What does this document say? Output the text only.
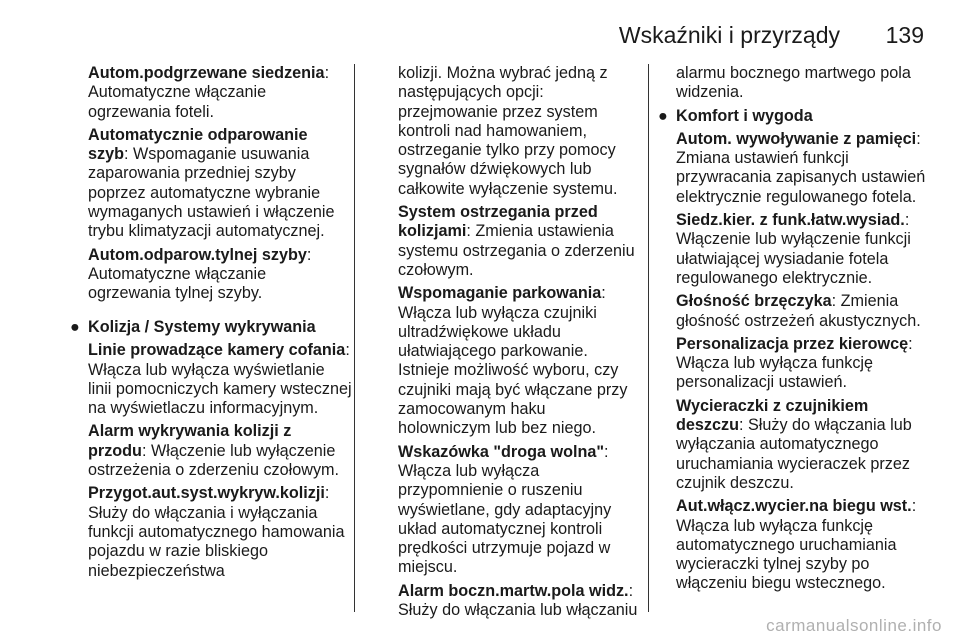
Wskaźniki i przyrządy 139

Autom.podgrzewane siedzenia: Automatyczne włączanie ogrzewania foteli.

Automatycznie odparowanie szyb: Wspomaganie usuwania zaparowania przedniej szyby poprzez automatyczne wybranie wymaganych ustawień i włączenie trybu klimatyzacji automatycznej.

Autom.odparow.tylnej szyby: Automatyczne włączanie ogrzewania tylnej szyby.

● Kolizja / Systemy wykrywania

Linie prowadzące kamery cofania: Włącza lub wyłącza wyświetlanie linii pomocniczych kamery wstecznej na wyświetlaczu informacyjnym.

Alarm wykrywania kolizji z przodu: Włączenie lub wyłączenie ostrzeżenia o zderzeniu czołowym.

Przygot.aut.syst.wykryw.kolizji: Służy do włączania i wyłączania funkcji automatycznego hamowania pojazdu w razie bliskiego niebezpieczeństwa

kolizji. Można wybrać jedną z następujących opcji: przejmowanie przez system kontroli nad hamowaniem, ostrzeganie tylko przy pomocy sygnałów dźwiękowych lub całkowite wyłączenie systemu.

System ostrzegania przed kolizjami: Zmienia ustawienia systemu ostrzegania o zderzeniu czołowym.

Wspomaganie parkowania: Włącza lub wyłącza czujniki ultradźwiękowe układu ułatwiającego parkowanie. Istnieje możliwość wyboru, czy czujniki mają być włączane przy zamocowanym haku holowniczym lub bez niego.

Wskazówka "droga wolna": Włącza lub wyłącza przypomnienie o ruszeniu wyświetlane, gdy adaptacyjny układ automatycznej kontroli prędkości utrzymuje pojazd w miejscu.

Alarm boczn.martw.pola widz.: Służy do włączania lub włączaniu

alarmu bocznego martwego pola widzenia.

● Komfort i wygoda

Autom. wywoływanie z pamięci: Zmiana ustawień funkcji przywracania zapisanych ustawień elektrycznie regulowanego fotela.

Siedz.kier. z funk.łatw.wysiad.: Włączenie lub wyłączenie funkcji ułatwiającej wysiadanie fotela regulowanego elektrycznie.

Głośność brzęczyka: Zmienia głośność ostrzeżeń akustycznych.

Personalizacja przez kierowcę: Włącza lub wyłącza funkcję personalizacji ustawień.

Wycieraczki z czujnikiem deszczu: Służy do włączania lub wyłączania automatycznego uruchamiania wycieraczek przez czujnik deszczu.

Aut.włącz.wycier.na biegu wst.: Włącza lub wyłącza funkcję automatycznego uruchamiania wycieraczki tylnej szyby po włączeniu biegu wstecznego.

carmanualsonline.info
